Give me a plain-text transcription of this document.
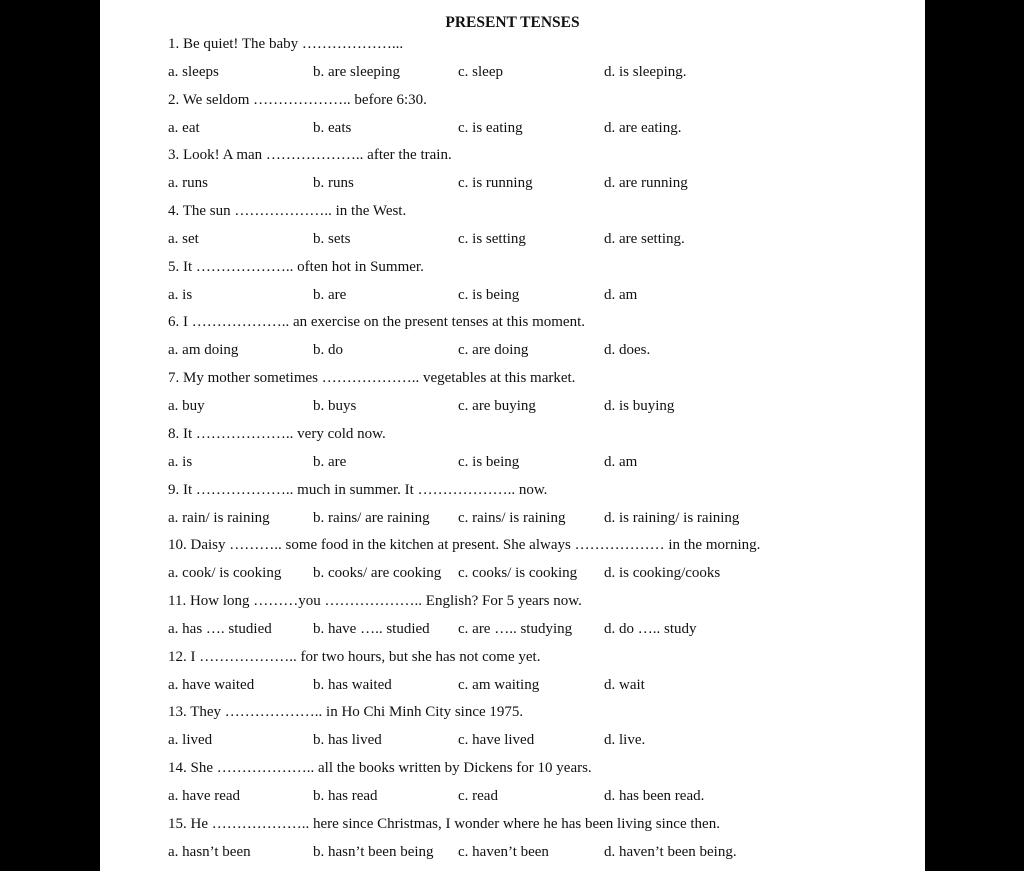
PRESENT TENSES
1. Be quiet! The baby ………………...
a. sleeps	b. are sleeping	c. sleep	d. is sleeping.
2. We seldom ……………….. before 6:30.
a. eat	b. eats	c. is eating	d. are eating.
3. Look! A man ……………….. after the train.
a. runs	b. runs	c. is running	d. are running
4. The sun ……………….. in the West.
a. set	b. sets	c. is setting	d. are setting.
5. It ……………….. often hot in Summer.
a. is	b. are	c. is being	d. am
6. I ……………….. an exercise on the present tenses at this moment.
a. am doing	b. do	c. are doing	d. does.
7. My mother sometimes ……………….. vegetables at this market.
a. buy	b. buys	c. are buying	d. is buying
8. It ……………….. very cold now.
a. is	b. are	c. is being	d. am
9. It ……………….. much in summer. It ……………….. now.
a. rain/ is raining	b. rains/ are raining c. rains/ is raining	d. is raining/ is raining
10. Daisy ……….. some food in the kitchen at present. She always ……………… in the morning.
a. cook/ is cooking b. cooks/ are cooking c. cooks/ is cooking d. is cooking/cooks
11. How long ………you ……………….. English? For 5 years now.
a. has …. studied	b. have ….. studied c. are ….. studying d. do ….. study
12. I ……………….. for two hours, but she has not come yet.
a. have waited	b. has waited	c. am waiting	d. wait
13. They ……………….. in Ho Chi Minh City since 1975.
a. lived	b. has lived	c. have lived	d. live.
14. She ……………….. all the books written by Dickens for 10 years.
a. have read	b. has read	c. read	d. has been read.
15. He ……………….. here since Christmas, I wonder where he has been living since then.
a. hasn’t been	b. hasn’t been being c. haven’t been	d. haven’t been being.
